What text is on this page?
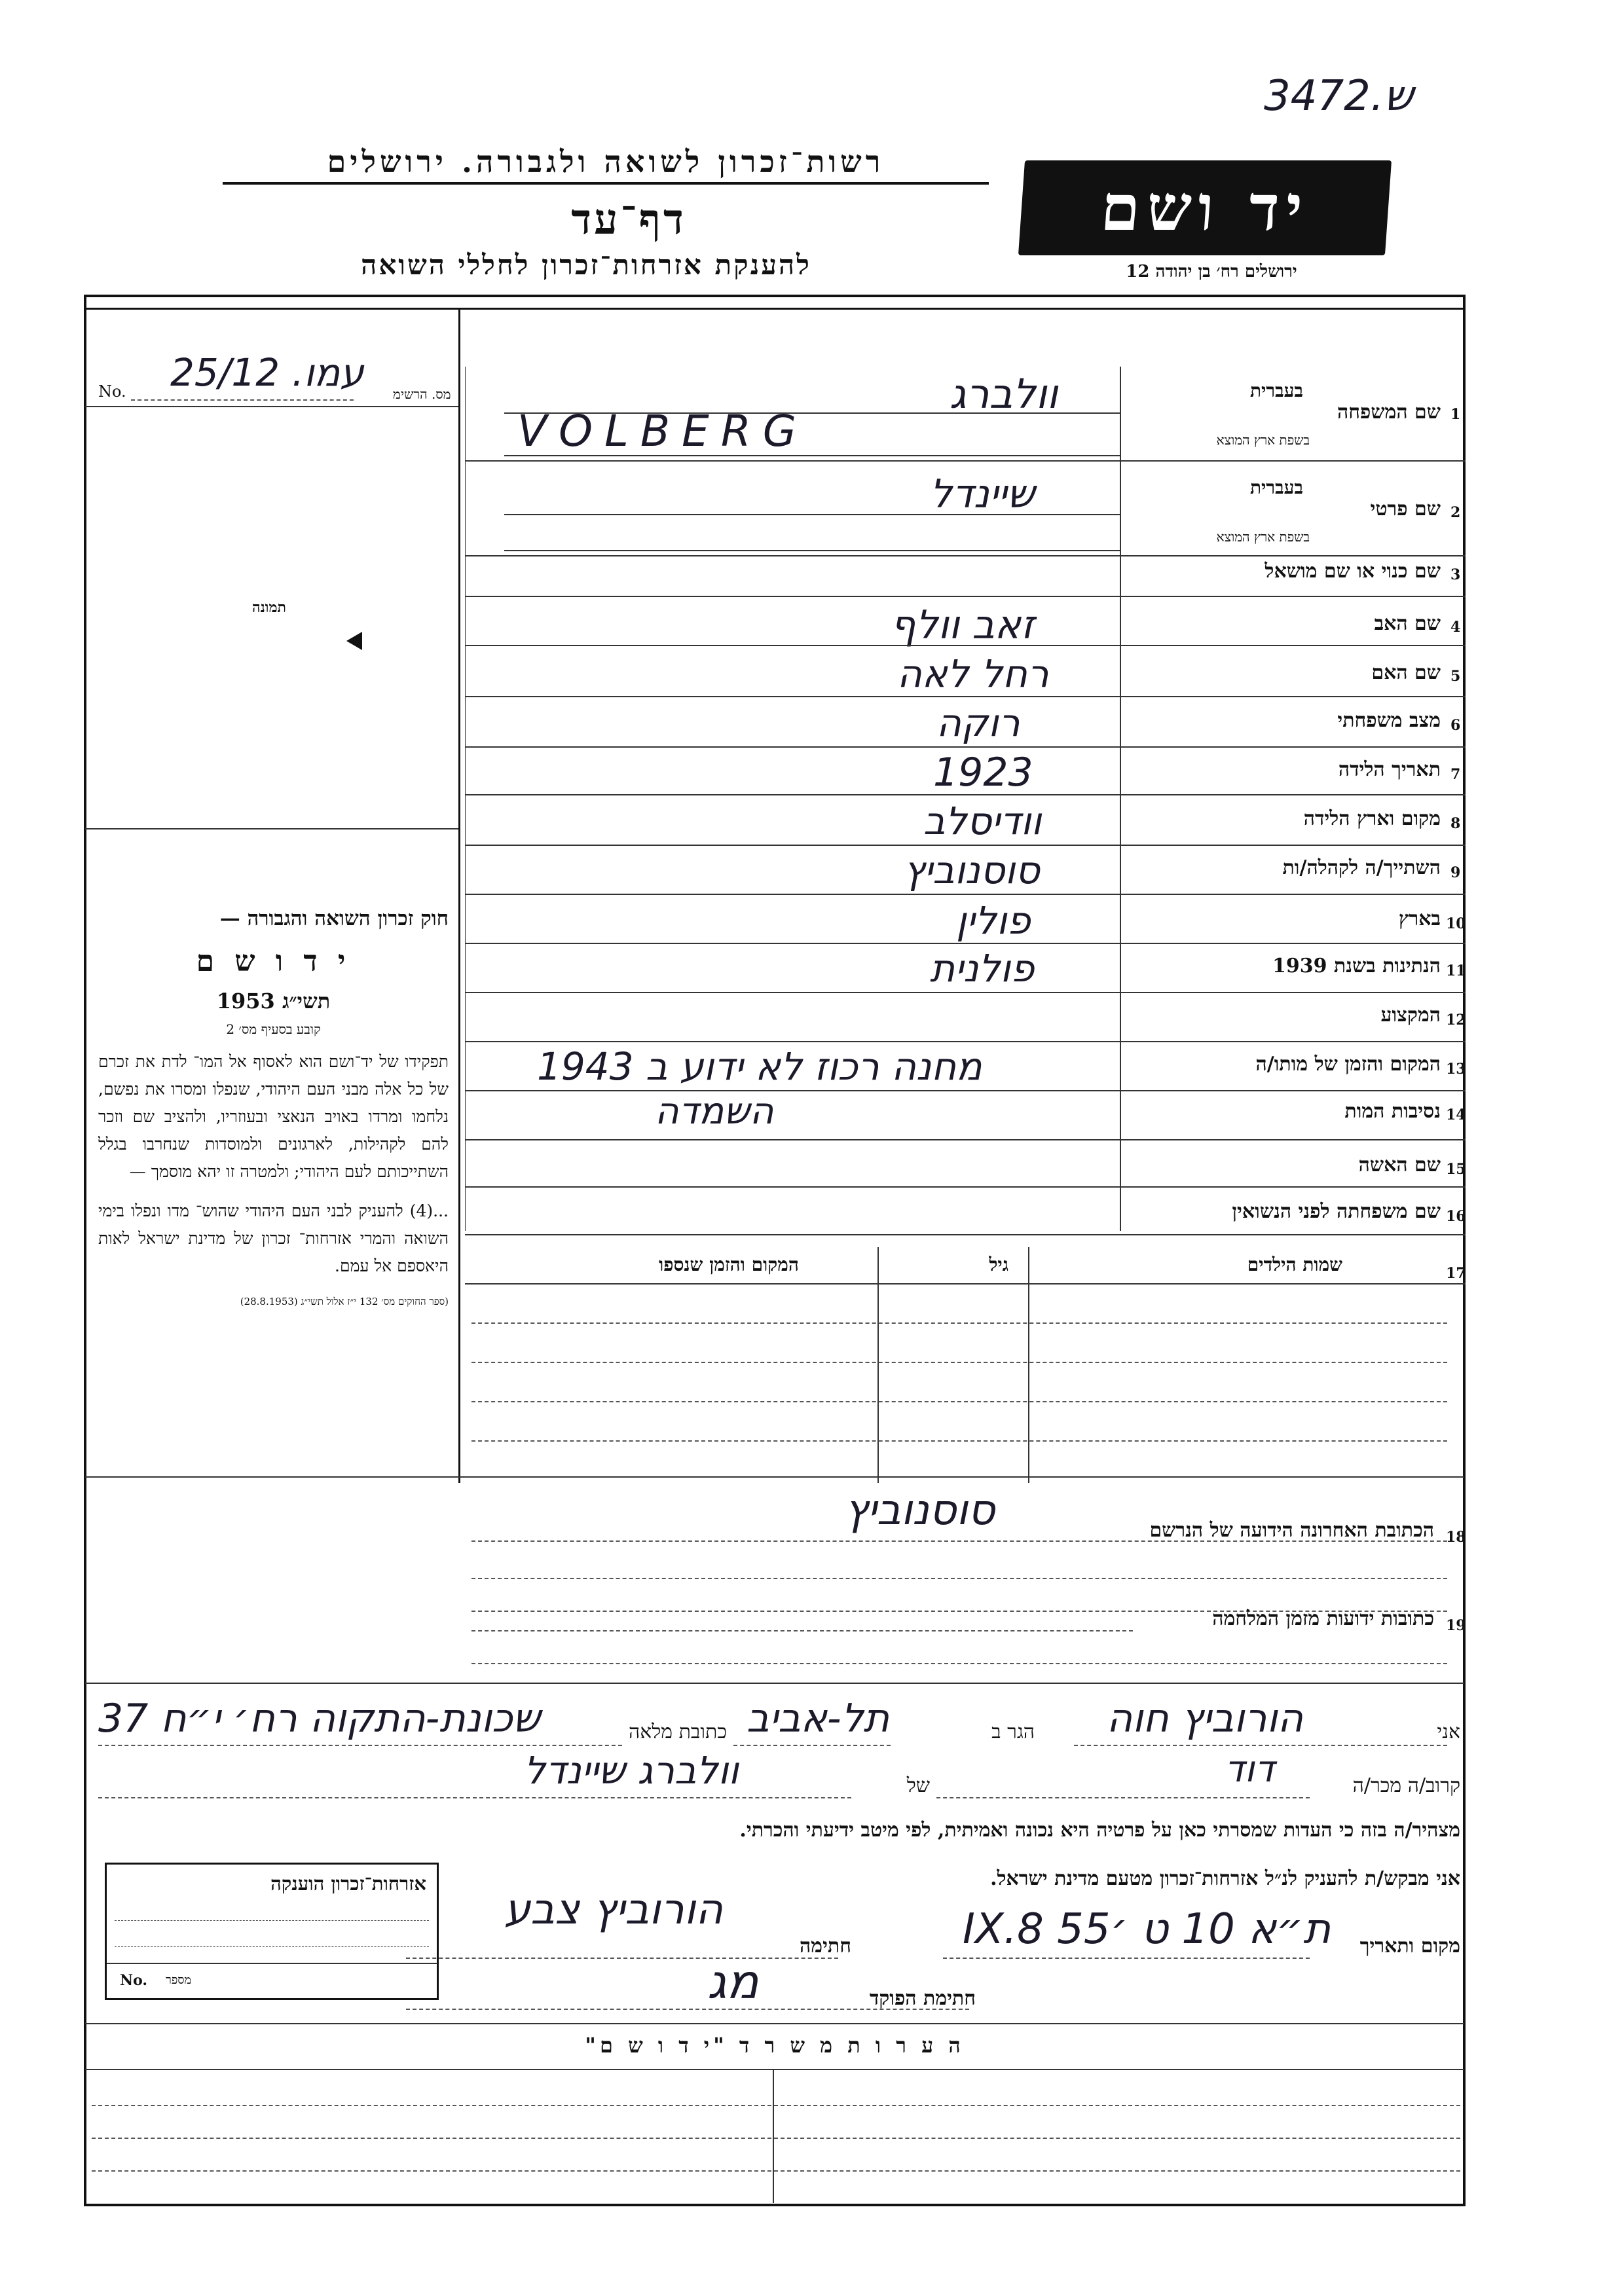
3ש.472
רשות־זכרון לשואה ולגבורה. ירושלים
דף־עד
להענקת אזרחות־זכרון לחללי השואה
יד ושם
ירושלים רח׳ בן יהודה 12
מס. הרשימ
No. עמו. 25/12
תמונה

חוק זכרון השואה והגבורה —

י ד ו ש ם

תשי״ג 1953

קובע בסעיף מס׳ 2

תפקידו של יד־ושם הוא לאסוף אל המו־ לדת את זכרם של כל אלה מבני העם היהודי, שנפלו ומסרו את נפשם, נלחמו ומרדו באויב הנאצי ובעוזריו, ולהציב שם וזכר להם לקהילות, לארגונים ולמוסדות שנחרבו בגלל השתייכותם לעם היהודי; ולמטרה זו יהא מוסמך —

...(4) להעניק לבני העם היהודי שהוש־ מדו ונפלו בימי השואה והמרי אזרחות־ זכרון של מדינת ישראל לאות היאספם אל עמם.

(ספר החוקים מס׳ 132 י״ז אלול תשי״ג (28.8.1953)

1
שם המשפחה
בעברית
בשפת ארץ המוצא
וולברג
VOLBERG
2
שם פרטי
בעברית
בשפת ארץ המוצא
שיינדל
3
שם כנוי או שם מושאל
4
שם האב
זאב וולף
5
שם האם
רחל לאה
6
מצב משפחתי
רוקה
7
תאריך הלידה
1923
8
מקום וארץ הלידה
וודיסלב
9
השתייך/ה לקהלה/ות
סוסנוביץ
10
בארץ
פולין
11
הנתינות בשנת 1939
פולנית
12
המקצוע
13
המקום והזמן של מותו/ה
מחנה רכוז לא ידוע ב 1943
14
נסיבות המות
השמדה
15
שם האשה
16
שם משפחתה לפני הנשואין
17
שמות הילדים
גיל
המקום והזמן שנספו
18
הכתובת האחרונה הידועה של הנרשם
סוסנוביץ
19
כתובות ידועות מזמן המלחמה
אני
הורוביץ חוה
הגר ב
תל-אביב
כתובת מלאה
שכונת-התקוה רח׳ י״ח 37
קרוב/ה מכר/ה
דוד
של
וולברג שיינדל
מצהיר/ה בזה כי העדות שמסרתי כאן על פרטיה היא נכונה ואמיתית, לפי מיטב ידיעתי והכרתי.
אני מבקש/ת להעניק לנ״ל אזרחות־זכרון מטעם מדינת ישראל.
אזרחות־זכרון הוענקה
No. מספר
מקום ותאריך
ת״א 10 ט ׳55 8.IX
חתימה
הורוביץ צבע
חתימת הפוקד
מג
ה ע ר ו ת מ ש ר ד "י ד ו ש ם"
